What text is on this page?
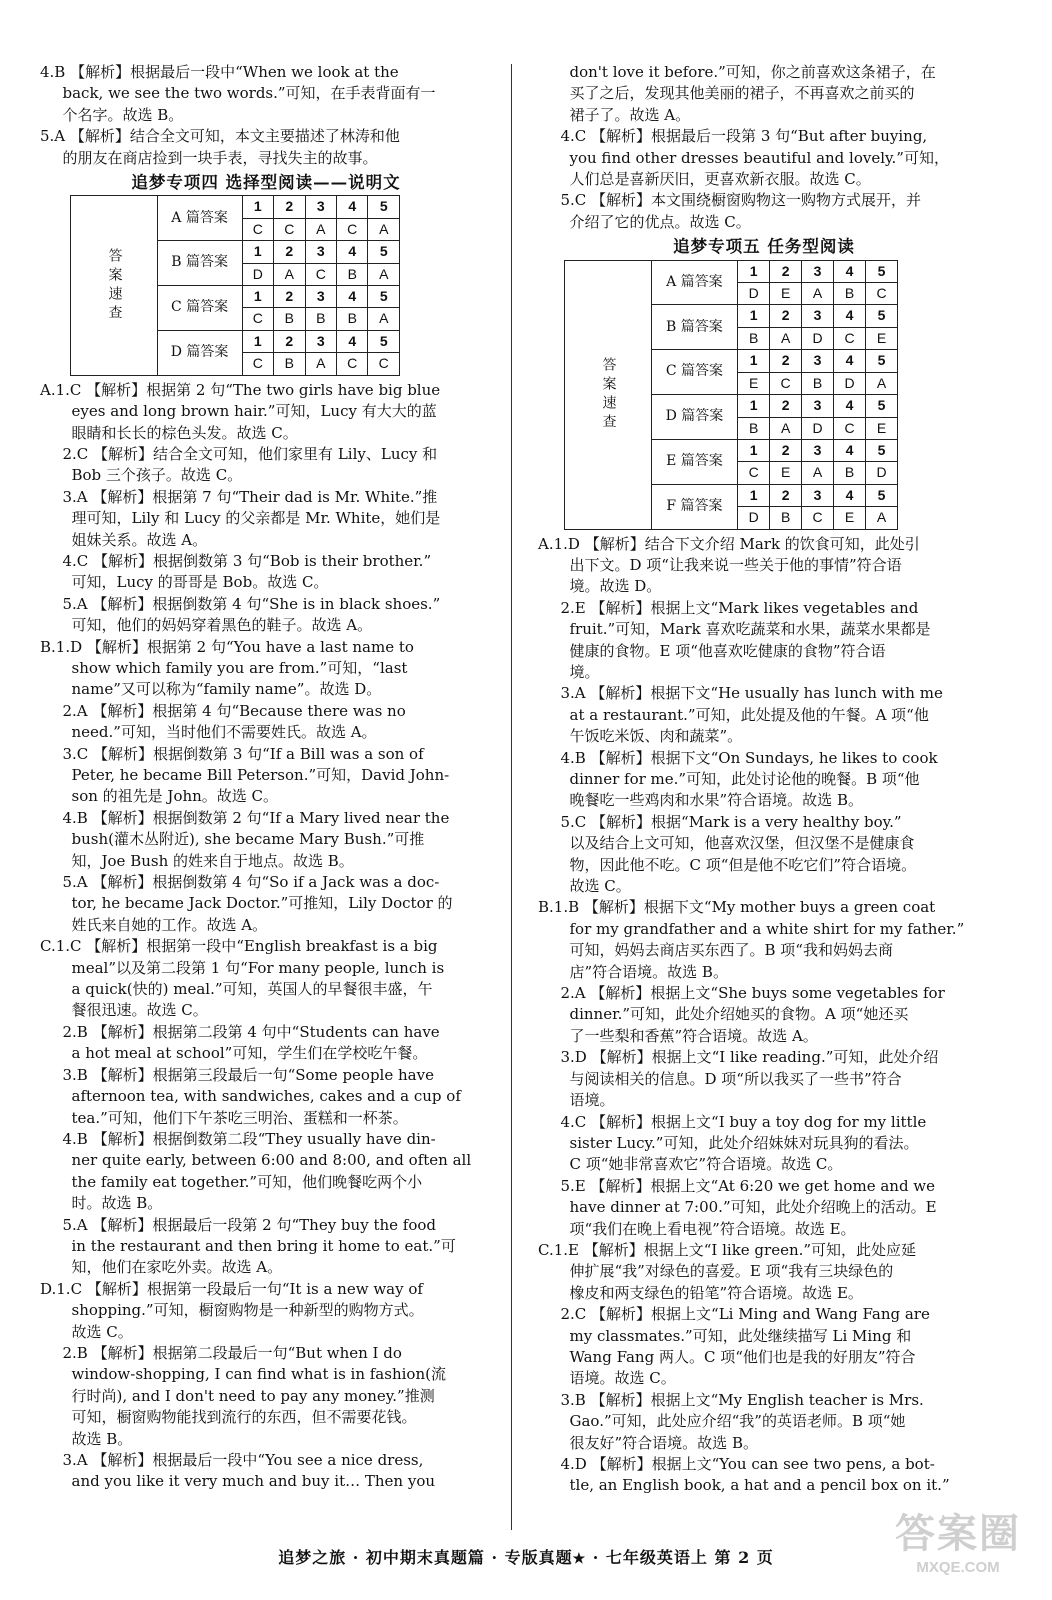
4.B 【解析】根据最后一段中“When we look at the

back, we see the two words.”可知，在手表背面有一

个名字。故选 B。

5.A 【解析】结合全文可知，本文主要描述了林涛和他

的朋友在商店捡到一块手表，寻找失主的故事。

追梦专项四 选择型阅读——说明文

答案速查	A 篇答案	1	2	3	4	5
		C	C	A	C	A
	B 篇答案	1	2	3	4	5
		D	A	C	B	A
	C 篇答案	1	2	3	4	5
		C	B	B	B	A
	D 篇答案	1	2	3	4	5
		C	B	A	C	C

A.1.C 【解析】根据第 2 句“The two girls have big blue

eyes and long brown hair.”可知，Lucy 有大大的蓝

眼睛和长长的棕色头发。故选 C。

2.C 【解析】结合全文可知，他们家里有 Lily、Lucy 和

Bob 三个孩子。故选 C。

3.A 【解析】根据第 7 句“Their dad is Mr. White.”推

理可知，Lily 和 Lucy 的父亲都是 Mr. White，她们是

姐妹关系。故选 A。

4.C 【解析】根据倒数第 3 句“Bob is their brother.”

可知，Lucy 的哥哥是 Bob。故选 C。

5.A 【解析】根据倒数第 4 句“She is in black shoes.”

可知，他们的妈妈穿着黑色的鞋子。故选 A。

B.1.D 【解析】根据第 2 句“You have a last name to

show which family you are from.”可知，“last

name”又可以称为“family name”。故选 D。

2.A 【解析】根据第 4 句“Because there was no

need.”可知，当时他们不需要姓氏。故选 A。

3.C 【解析】根据倒数第 3 句“If a Bill was a son of

Peter, he became Bill Peterson.”可知，David John-

son 的祖先是 John。故选 C。

4.B 【解析】根据倒数第 2 句“If a Mary lived near the

bush(灌木丛附近), she became Mary Bush.”可推

知，Joe Bush 的姓来自于地点。故选 B。

5.A 【解析】根据倒数第 4 句“So if a Jack was a doc-

tor, he became Jack Doctor.”可推知，Lily Doctor 的

姓氏来自她的工作。故选 A。

C.1.C 【解析】根据第一段中“English breakfast is a big

meal”以及第二段第 1 句“For many people, lunch is

a quick(快的) meal.”可知，英国人的早餐很丰盛，午

餐很迅速。故选 C。

2.B 【解析】根据第二段第 4 句中“Students can have

a hot meal at school”可知，学生们在学校吃午餐。

3.B 【解析】根据第三段最后一句“Some people have

afternoon tea, with sandwiches, cakes and a cup of

tea.”可知，他们下午茶吃三明治、蛋糕和一杯茶。

4.B 【解析】根据倒数第二段“They usually have din-

ner quite early, between 6:00 and 8:00, and often all

the family eat together.”可知，他们晚餐吃两个小

时。故选 B。

5.A 【解析】根据最后一段第 2 句“They buy the food

in the restaurant and then bring it home to eat.”可

知，他们在家吃外卖。故选 A。

D.1.C 【解析】根据第一段最后一句“It is a new way of

shopping.”可知，橱窗购物是一种新型的购物方式。

故选 C。

2.B 【解析】根据第二段最后一句“But when I do

window-shopping, I can find what is in fashion(流

行时尚), and I don't need to pay any money.”推测

可知，橱窗购物能找到流行的东西，但不需要花钱。

故选 B。

3.A 【解析】根据最后一段中“You see a nice dress,

and you like it very much and buy it… Then you

don't love it before.”可知，你之前喜欢这条裙子，在

买了之后，发现其他美丽的裙子，不再喜欢之前买的

裙子了。故选 A。

4.C 【解析】根据最后一段第 3 句“But after buying,

you find other dresses beautiful and lovely.”可知，

人们总是喜新厌旧，更喜欢新衣服。故选 C。

5.C 【解析】本文围绕橱窗购物这一购物方式展开，并

介绍了它的优点。故选 C。

追梦专项五 任务型阅读

答案速查	A 篇答案	1	2	3	4	5
		D	E	A	B	C
	B 篇答案	1	2	3	4	5
		B	A	D	C	E
	C 篇答案	1	2	3	4	5
		E	C	B	D	A
	D 篇答案	1	2	3	4	5
		B	A	D	C	E
	E 篇答案	1	2	3	4	5
		C	E	A	B	D
	F 篇答案	1	2	3	4	5
		D	B	C	E	A

A.1.D 【解析】结合下文介绍 Mark 的饮食可知，此处引

出下文。D 项“让我来说一些关于他的事情”符合语

境。故选 D。

2.E 【解析】根据上文“Mark likes vegetables and

fruit.”可知，Mark 喜欢吃蔬菜和水果，蔬菜水果都是

健康的食物。E 项“他喜欢吃健康的食物”符合语

境。

3.A 【解析】根据下文“He usually has lunch with me

at a restaurant.”可知，此处提及他的午餐。A 项“他

午饭吃米饭、肉和蔬菜”。

4.B 【解析】根据下文“On Sundays, he likes to cook

dinner for me.”可知，此处讨论他的晚餐。B 项“他

晚餐吃一些鸡肉和水果”符合语境。故选 B。

5.C 【解析】根据“Mark is a very healthy boy.”

以及结合上文可知，他喜欢汉堡，但汉堡不是健康食

物，因此他不吃。C 项“但是他不吃它们”符合语境。

故选 C。

B.1.B 【解析】根据下文“My mother buys a green coat

for my grandfather and a white shirt for my father.”

可知，妈妈去商店买东西了。B 项“我和妈妈去商

店”符合语境。故选 B。

2.A 【解析】根据上文“She buys some vegetables for

dinner.”可知，此处介绍她买的食物。A 项“她还买

了一些梨和香蕉”符合语境。故选 A。

3.D 【解析】根据上文“I like reading.”可知，此处介绍

与阅读相关的信息。D 项“所以我买了一些书”符合

语境。

4.C 【解析】根据上文“I buy a toy dog for my little

sister Lucy.”可知，此处介绍妹妹对玩具狗的看法。

C 项“她非常喜欢它”符合语境。故选 C。

5.E 【解析】根据上文“At 6:20 we get home and we

have dinner at 7:00.”可知，此处介绍晚上的活动。E

项“我们在晚上看电视”符合语境。故选 E。

C.1.E 【解析】根据上文“I like green.”可知，此处应延

伸扩展“我”对绿色的喜爱。E 项“我有三块绿色的

橡皮和两支绿色的铅笔”符合语境。故选 E。

2.C 【解析】根据上文“Li Ming and Wang Fang are

my classmates.”可知，此处继续描写 Li Ming 和

Wang Fang 两人。C 项“他们也是我的好朋友”符合

语境。故选 C。

3.B 【解析】根据上文“My English teacher is Mrs.

Gao.”可知，此处应介绍“我”的英语老师。B 项“她

很友好”符合语境。故选 B。

4.D 【解析】根据上文“You can see two pens, a bot-

tle, an English book, a hat and a pencil box on it.”

追梦之旅 · 初中期末真题篇 · 专版真题★ · 七年级英语上 第 2 页
答案圈
MXQE.COM
